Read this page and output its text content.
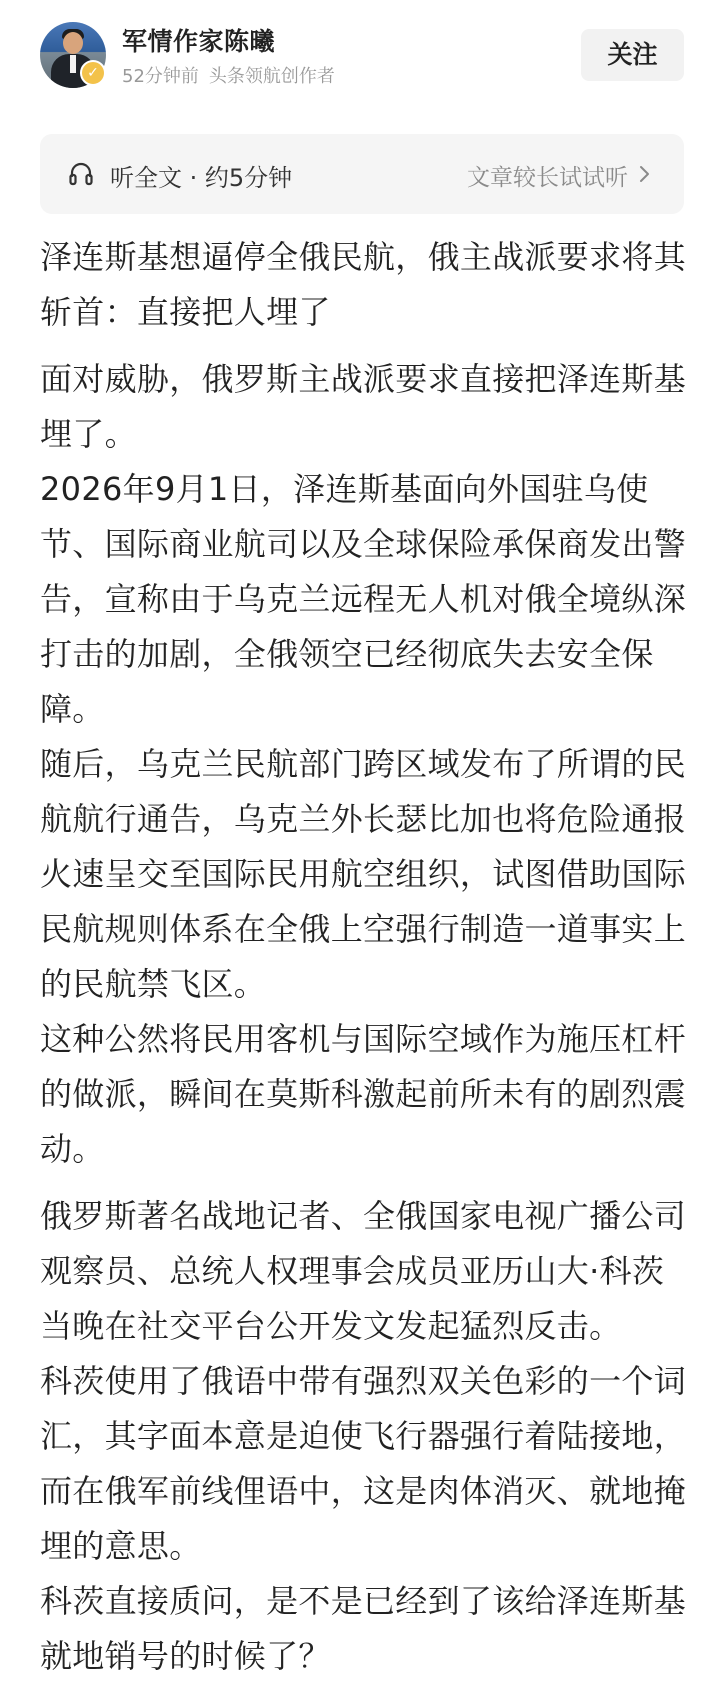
✓
军情作家陈曦
52分钟前 头条领航创作者
关注
听全文 · 约5分钟	文章较长试试听

泽连斯基想逼停全俄民航，俄主战派要求将其斩首：直接把人埋了

面对威胁，俄罗斯主战派要求直接把泽连斯基埋了。

2026年9月1日，泽连斯基面向外国驻乌使节、国际商业航司以及全球保险承保商发出警告，宣称由于乌克兰远程无人机对俄全境纵深打击的加剧，全俄领空已经彻底失去安全保障。

随后，乌克兰民航部门跨区域发布了所谓的民航航行通告，乌克兰外长瑟比加也将危险通报火速呈交至国际民用航空组织，试图借助国际民航规则体系在全俄上空强行制造一道事实上的民航禁飞区。

这种公然将民用客机与国际空域作为施压杠杆的做派，瞬间在莫斯科激起前所未有的剧烈震动。

俄罗斯著名战地记者、全俄国家电视广播公司观察员、总统人权理事会成员亚历山大·科茨当晚在社交平台公开发文发起猛烈反击。

科茨使用了俄语中带有强烈双关色彩的一个词汇，其字面本意是迫使飞行器强行着陆接地，而在俄军前线俚语中，这是肉体消灭、就地掩埋的意思。

科茨直接质问，是不是已经到了该给泽连斯基就地销号的时候了？
